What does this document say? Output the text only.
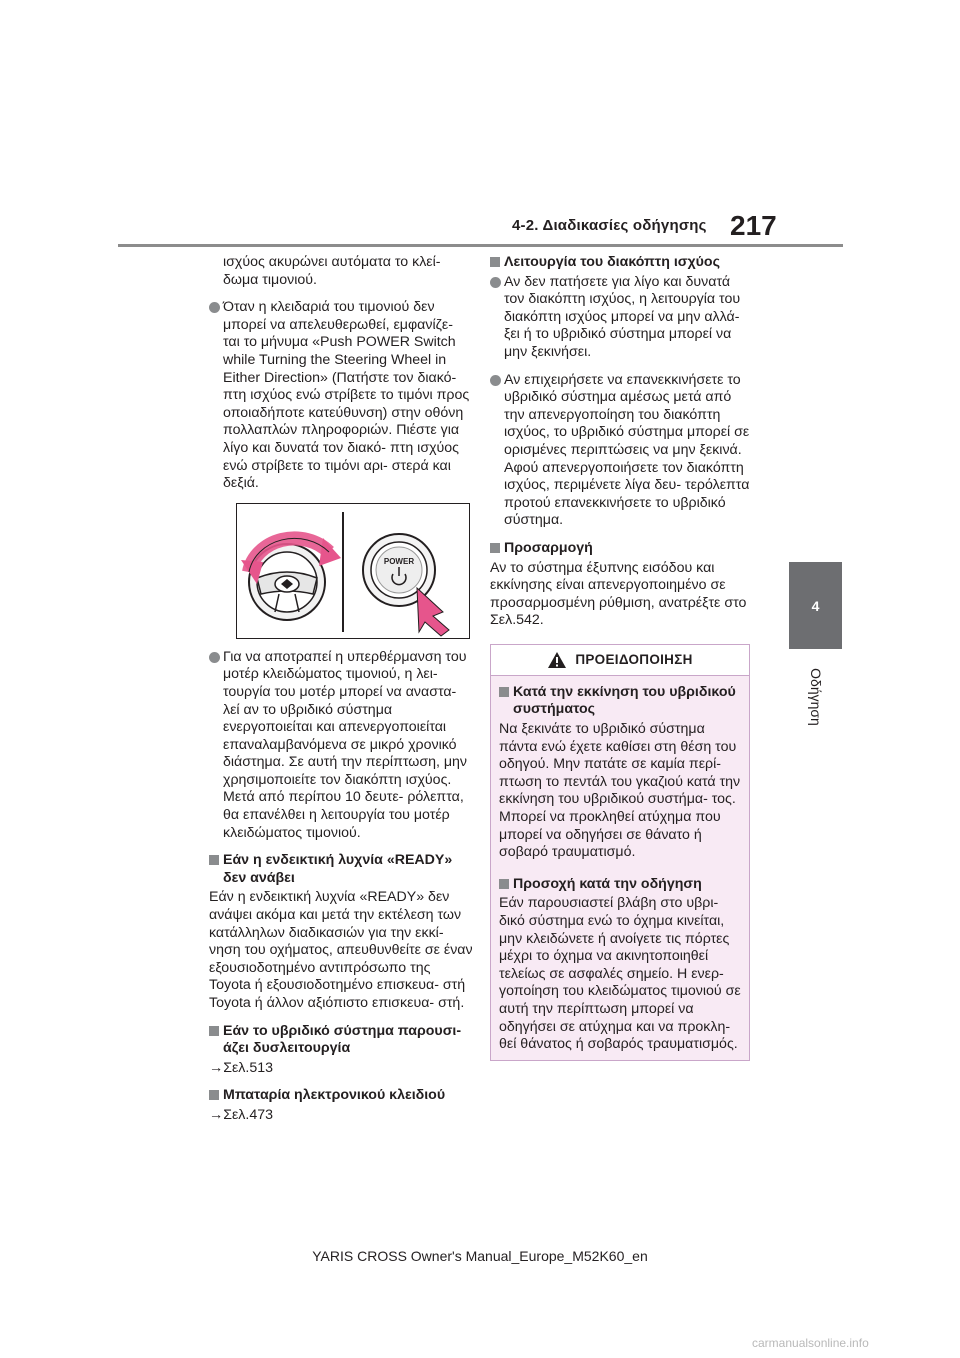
4-2. Διαδικασίες οδήγησης 217
4
Οδήγηση
ισχύος ακυρώνει αυτόματα το κλεί- δωμα τιμονιού.
Όταν η κλειδαριά του τιμονιού δεν μπορεί να απελευθερωθεί, εμφανίζε- ται το μήνυμα «Push POWER Switch while Turning the Steering Wheel in Either Direction» (Πατήστε τον διακό- πτη ισχύος ενώ στρίβετε το τιμόνι προς οποιαδήποτε κατεύθυνση) στην οθόνη πολλαπλών πληροφοριών. Πιέστε για λίγο και δυνατά τον διακό- πτη ισχύος ενώ στρίβετε το τιμόνι αρι- στερά και δεξιά.
POWER
Για να αποτραπεί η υπερθέρμανση του μοτέρ κλειδώματος τιμονιού, η λει- τουργία του μοτέρ μπορεί να αναστα- λεί αν το υβριδικό σύστημα ενεργοποιείται και απενεργοποιείται επαναλαμβανόμενα σε μικρό χρονικό διάστημα. Σε αυτή την περίπτωση, μην χρησιμοποιείτε τον διακόπτη ισχύος. Μετά από περίπου 10 δευτε- ρόλεπτα, θα επανέλθει η λειτουργία του μοτέρ κλειδώματος τιμονιού.
Εάν η ενδεικτική λυχνία «READY» δεν ανάβει
Εάν η ενδεικτική λυχνία «READY» δεν ανάψει ακόμα και μετά την εκτέλεση των κατάλληλων διαδικασιών για την εκκί- νηση του οχήματος, απευθυνθείτε σε έναν εξουσιοδοτημένο αντιπρόσωπο της Toyota ή εξουσιοδοτημένο επισκευα- στή Toyota ή άλλον αξιόπιστο επισκευα- στή.
Εάν το υβριδικό σύστημα παρουσι- άζει δυσλειτουργία
→Σελ.513
Μπαταρία ηλεκτρονικού κλειδιού
→Σελ.473
Λειτουργία του διακόπτη ισχύος
Αν δεν πατήσετε για λίγο και δυνατά τον διακόπτη ισχύος, η λειτουργία του διακόπτη ισχύος μπορεί να μην αλλά- ξει ή το υβριδικό σύστημα μπορεί να μην ξεκινήσει.
Αν επιχειρήσετε να επανεκκινήσετε το υβριδικό σύστημα αμέσως μετά από την απενεργοποίηση του διακόπτη ισχύος, το υβριδικό σύστημα μπορεί σε ορισμένες περιπτώσεις να μην ξεκινά. Αφού απενεργοποιήσετε τον διακόπτη ισχύος, περιμένετε λίγα δευ- τερόλεπτα προτού επανεκκινήσετε το υβριδικό σύστημα.
Προσαρμογή
Αν το σύστημα έξυπνης εισόδου και εκκίνησης είναι απενεργοποιημένο σε προσαρμοσμένη ρύθμιση, ανατρέξτε στο Σελ.542.
ΠΡΟΕΙΔΟΠΟΙΗΣΗ
Κατά την εκκίνηση του υβριδικού συστήματος
Να ξεκινάτε το υβριδικό σύστημα πάντα ενώ έχετε καθίσει στη θέση του οδηγού. Μην πατάτε σε καμία περί- πτωση το πεντάλ του γκαζιού κατά την εκκίνηση του υβριδικού συστήμα- τος.
Μπορεί να προκληθεί ατύχημα που μπορεί να οδηγήσει σε θάνατο ή σοβαρό τραυματισμό.
Προσοχή κατά την οδήγηση
Εάν παρουσιαστεί βλάβη στο υβρι- δικό σύστημα ενώ το όχημα κινείται, μην κλειδώνετε ή ανοίγετε τις πόρτες μέχρι το όχημα να ακινητοποιηθεί τελείως σε ασφαλές σημείο. Η ενερ- γοποίηση του κλειδώματος τιμονιού σε αυτή την περίπτωση μπορεί να οδηγήσει σε ατύχημα και να προκλη- θεί θάνατος ή σοβαρός τραυματισμός.
YARIS CROSS Owner's Manual_Europe_M52K60_en
carmanualsonline.info
